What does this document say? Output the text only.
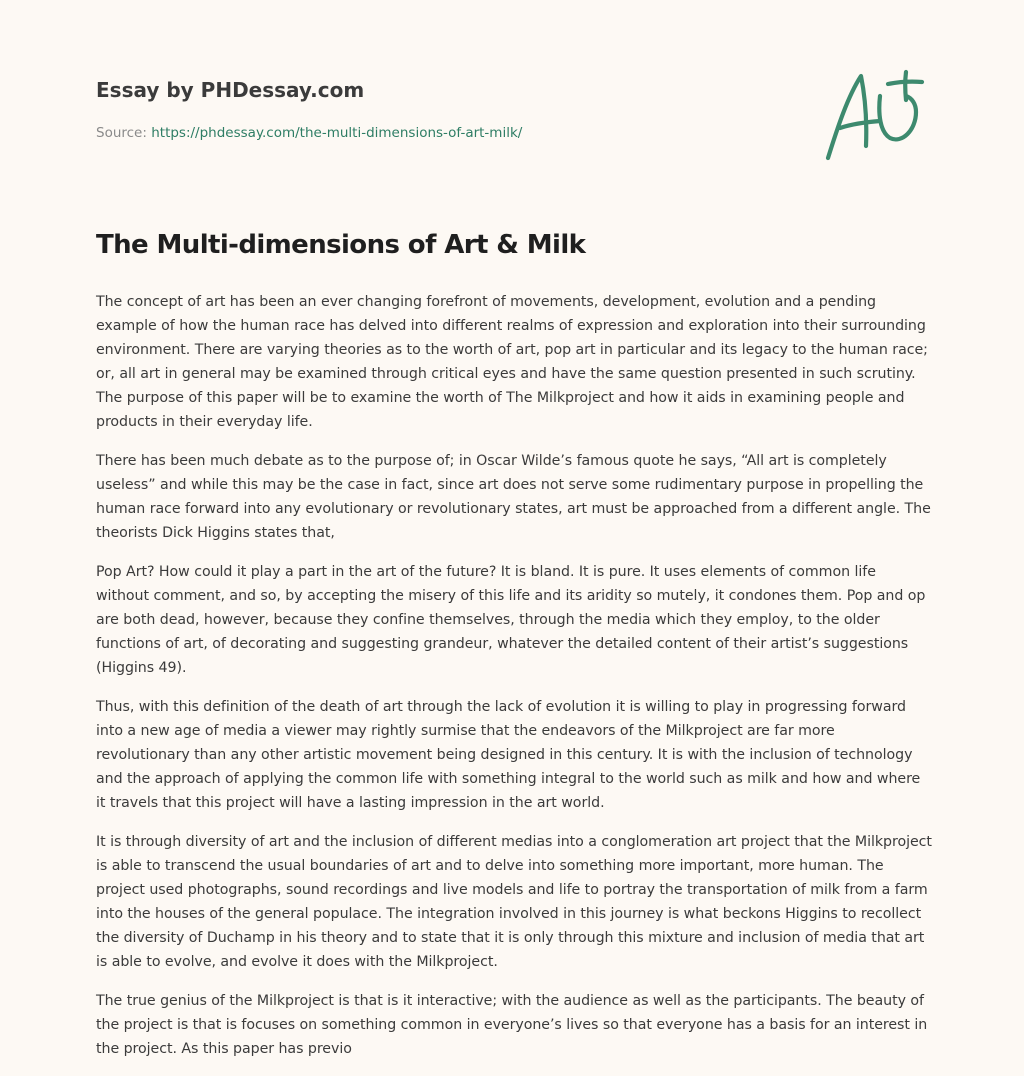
Essay by PHDessay.com
Source: https://phdessay.com/the-multi-dimensions-of-art-milk/
The Multi-dimensions of Art & Milk

The concept of art has been an ever changing forefront of movements, development, evolution and a pending example of how the human race has delved into different realms of expression and exploration into their surrounding environment. There are varying theories as to the worth of art, pop art in particular and its legacy to the human race; or, all art in general may be examined through critical eyes and have the same question presented in such scrutiny. The purpose of this paper will be to examine the worth of The Milkproject and how it aids in examining people and products in their everyday life.

There has been much debate as to the purpose of; in Oscar Wilde’s famous quote he says, “All art is completely useless” and while this may be the case in fact, since art does not serve some rudimentary purpose in propelling the human race forward into any evolutionary or revolutionary states, art must be approached from a different angle. The theorists Dick Higgins states that,

Pop Art? How could it play a part in the art of the future? It is bland. It is pure. It uses elements of common life without comment, and so, by accepting the misery of this life and its aridity so mutely, it condones them. Pop and op are both dead, however, because they confine themselves, through the media which they employ, to the older functions of art, of decorating and suggesting grandeur, whatever the detailed content of their artist’s suggestions (Higgins 49).

Thus, with this definition of the death of art through the lack of evolution it is willing to play in progressing forward into a new age of media a viewer may rightly surmise that the endeavors of the Milkproject are far more revolutionary than any other artistic movement being designed in this century. It is with the inclusion of technology and the approach of applying the common life with something integral to the world such as milk and how and where it travels that this project will have a lasting impression in the art world.

It is through diversity of art and the inclusion of different medias into a conglomeration art project that the Milkproject is able to transcend the usual boundaries of art and to delve into something more important, more human. The project used photographs, sound recordings and live models and life to portray the transportation of milk from a farm into the houses of the general populace. The integration involved in this journey is what beckons Higgins to recollect the diversity of Duchamp in his theory and to state that it is only through this mixture and inclusion of media that art is able to evolve, and evolve it does with the Milkproject.

The true genius of the Milkproject is that is it interactive; with the audience as well as the participants. The beauty of the project is that is focuses on something common in everyone’s lives so that everyone has a basis for an interest in the project. As this paper has previo
